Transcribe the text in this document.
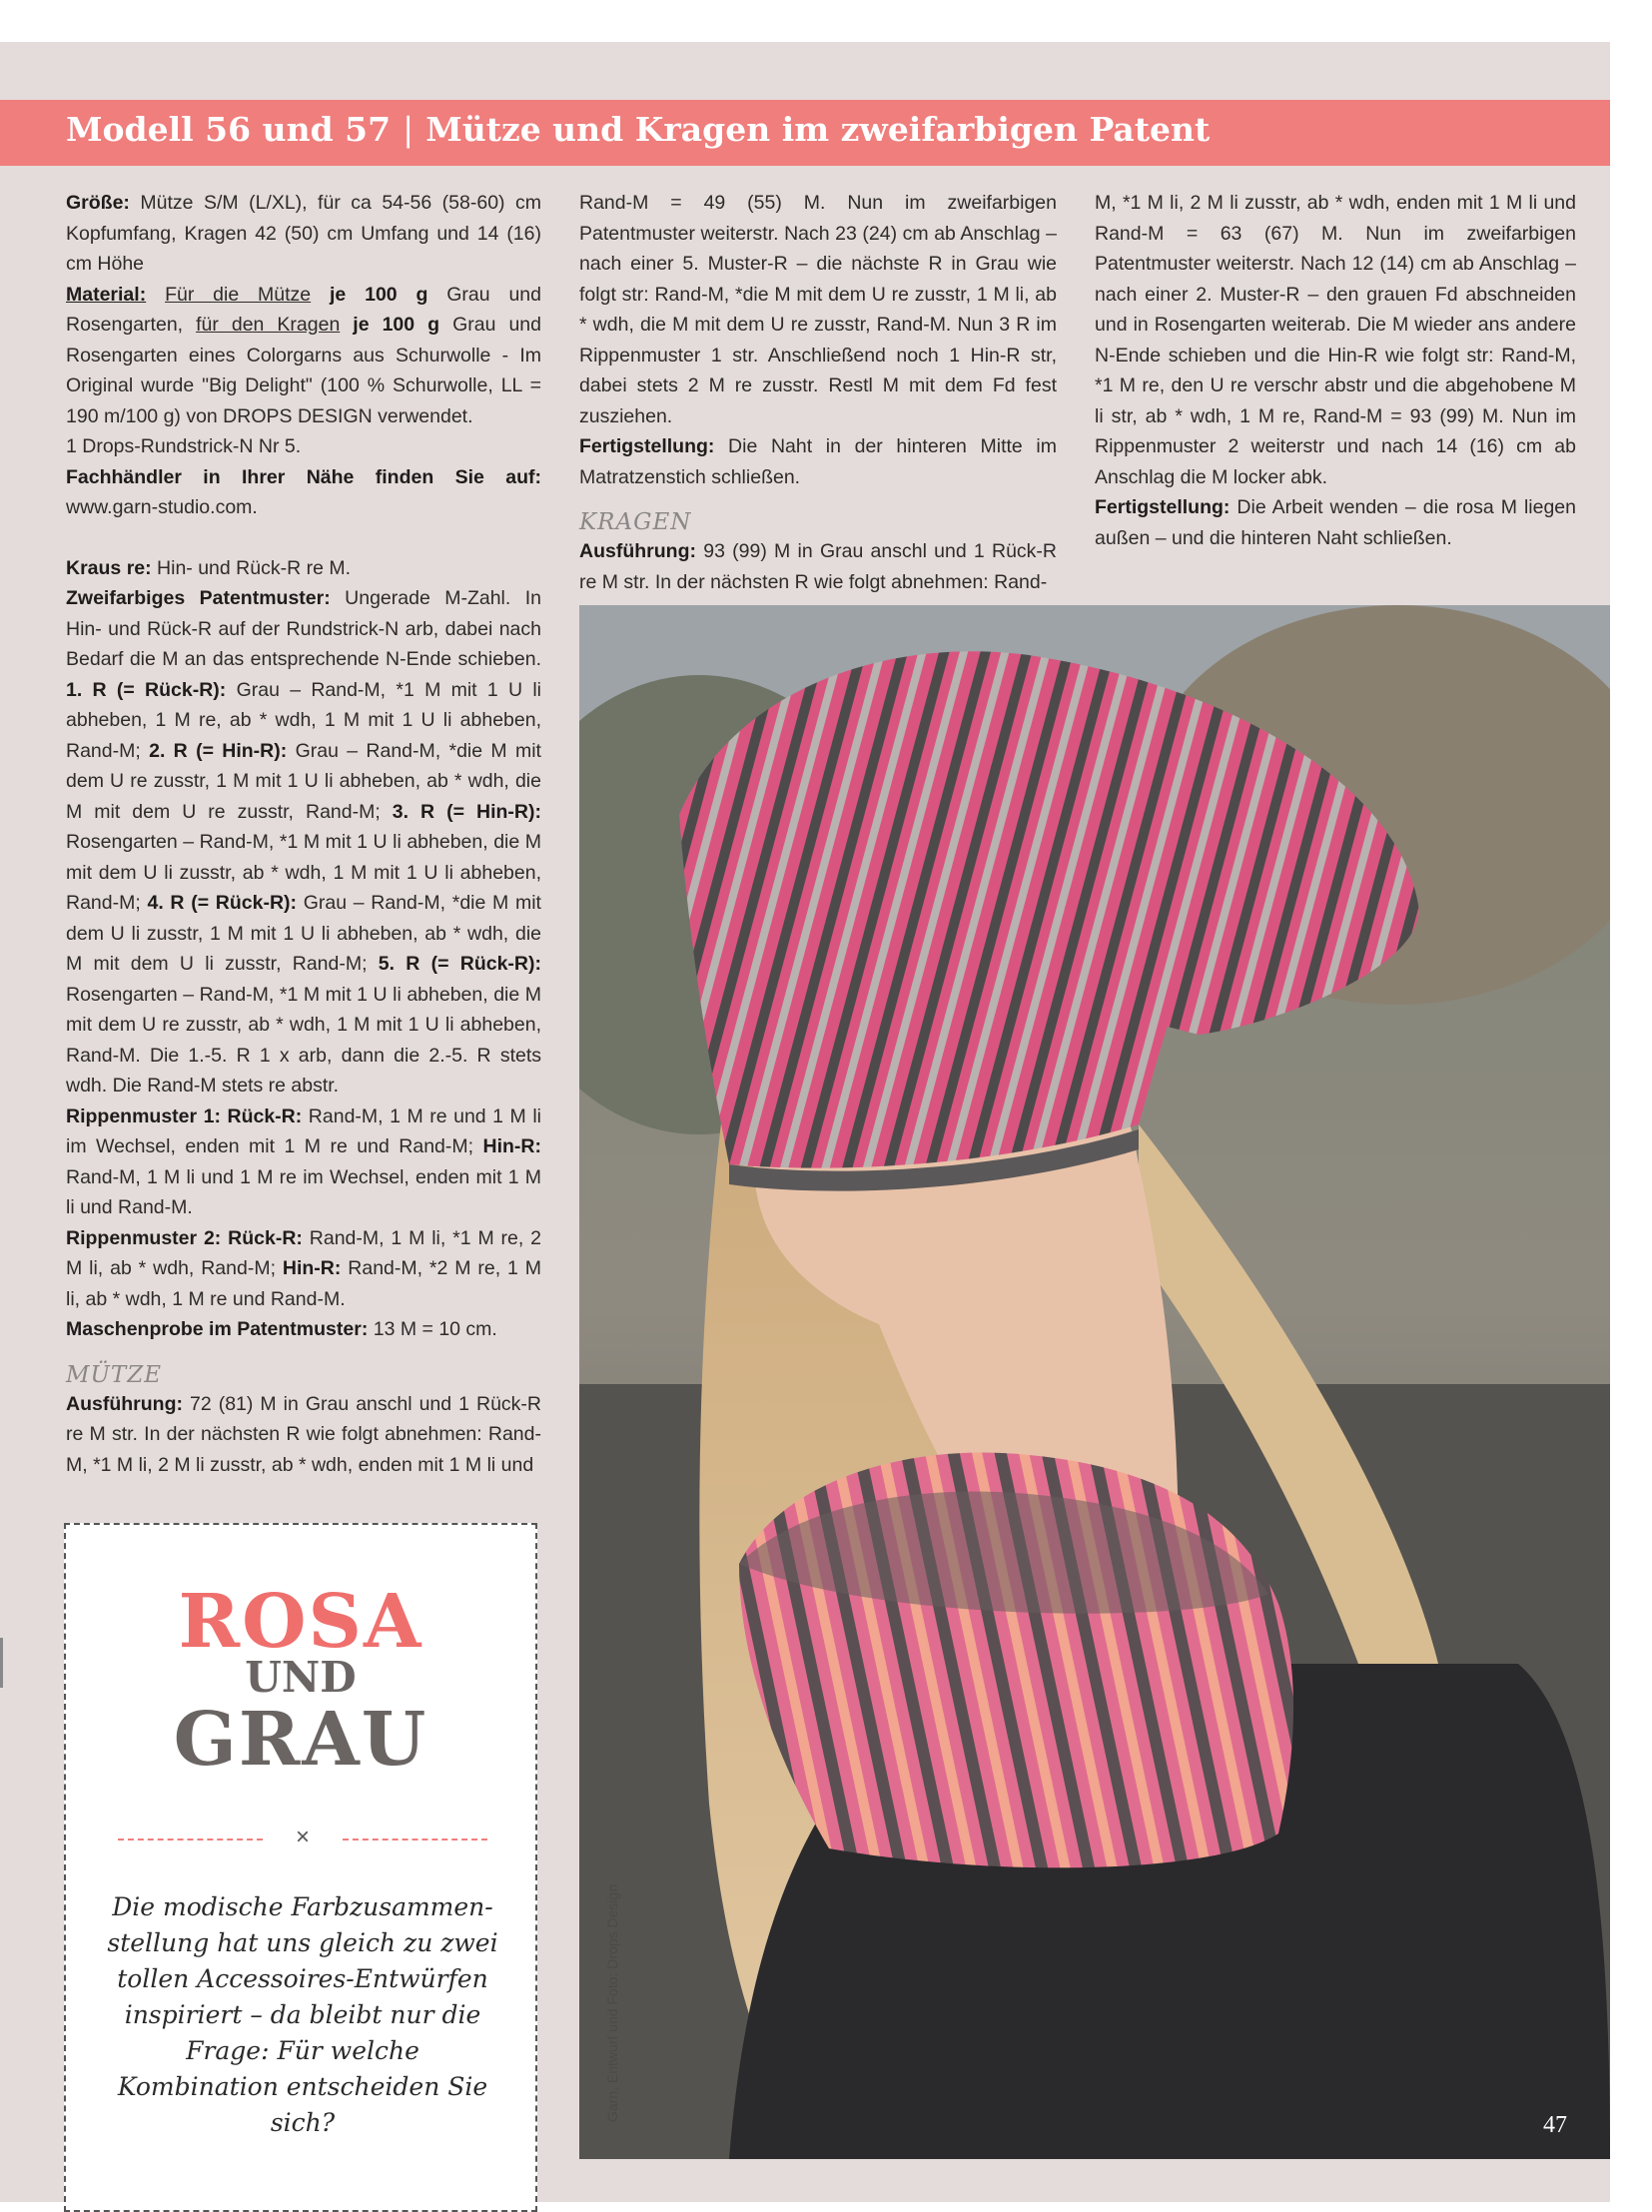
Modell 56 und 57 | Mütze und Kragen im zweifarbigen Patent

Größe: Mütze S/M (L/XL), für ca 54-56 (58-60) cm Kopfumfang, Kragen 42 (50) cm Umfang und 14 (16) cm Höhe

Material: Für die Mütze je 100 g Grau und Rosengarten, für den Kragen je 100 g Grau und Rosengarten eines Colorgarns aus Schurwolle - Im Original wurde "Big Delight" (100 % Schurwolle, LL = 190 m/100 g) von DROPS DESIGN verwendet.

1 Drops-Rundstrick-N Nr 5.

Fachhändler in Ihrer Nähe finden Sie auf: www.garn-studio.com.

Kraus re: Hin- und Rück-R re M.

Zweifarbiges Patentmuster: Ungerade M-Zahl. In Hin- und Rück-R auf der Rundstrick-N arb, dabei nach Bedarf die M an das entsprechende N-Ende schieben. 1. R (= Rück-R): Grau – Rand-M, *1 M mit 1 U li abheben, 1 M re, ab * wdh, 1 M mit 1 U li abheben, Rand-M; 2. R (= Hin-R): Grau – Rand-M, *die M mit dem U re zusstr, 1 M mit 1 U li abheben, ab * wdh, die M mit dem U re zusstr, Rand-M; 3. R (= Hin-R): Rosengarten – Rand-M, *1 M mit 1 U li abheben, die M mit dem U li zusstr, ab * wdh, 1 M mit 1 U li abheben, Rand-M; 4. R (= Rück-R): Grau – Rand-M, *die M mit dem U li zusstr, 1 M mit 1 U li abheben, ab * wdh, die M mit dem U li zusstr, Rand-M; 5. R (= Rück-R): Rosengarten – Rand-M, *1 M mit 1 U li abheben, die M mit dem U re zusstr, ab * wdh, 1 M mit 1 U li abheben, Rand-M. Die 1.-5. R 1 x arb, dann die 2.-5. R stets wdh. Die Rand-M stets re abstr.

Rippenmuster 1: Rück-R: Rand-M, 1 M re und 1 M li im Wechsel, enden mit 1 M re und Rand-M; Hin-R: Rand-M, 1 M li und 1 M re im Wechsel, enden mit 1 M li und Rand-M.

Rippenmuster 2: Rück-R: Rand-M, 1 M li, *1 M re, 2 M li, ab * wdh, Rand-M; Hin-R: Rand-M, *2 M re, 1 M li, ab * wdh, 1 M re und Rand-M.

Maschenprobe im Patentmuster: 13 M = 10 cm.

MÜTZE

Ausführung: 72 (81) M in Grau anschl und 1 Rück-R re M str. In der nächsten R wie folgt abnehmen: Rand-M, *1 M li, 2 M li zusstr, ab * wdh, enden mit 1 M li und

Rand-M = 49 (55) M. Nun im zweifarbigen Patentmuster weiterstr. Nach 23 (24) cm ab Anschlag – nach einer 5. Muster-R – die nächste R in Grau wie folgt str: Rand-M, *die M mit dem U re zusstr, 1 M li, ab * wdh, die M mit dem U re zusstr, Rand-M. Nun 3 R im Rippenmuster 1 str. Anschließend noch 1 Hin-R str, dabei stets 2 M re zusstr. Restl M mit dem Fd fest zusziehen.

Fertigstellung: Die Naht in der hinteren Mitte im Matratzenstich schließen.

KRAGEN

Ausführung: 93 (99) M in Grau anschl und 1 Rück-R re M str. In der nächsten R wie folgt abnehmen: Rand-

M, *1 M li, 2 M li zusstr, ab * wdh, enden mit 1 M li und Rand-M = 63 (67) M. Nun im zweifarbigen Patentmuster weiterstr. Nach 12 (14) cm ab Anschlag – nach einer 2. Muster-R – den grauen Fd abschneiden und in Rosengarten weiterab. Die M wieder ans andere N-Ende schieben und die Hin-R wie folgt str: Rand-M, *1 M re, den U re verschr abstr und die abgehobene M li str, ab * wdh, 1 M re, Rand-M = 93 (99) M. Nun im Rippenmuster 2 weiterstr und nach 14 (16) cm ab Anschlag die M locker abk.

Fertigstellung: Die Arbeit wenden – die rosa M liegen außen – und die hinteren Naht schließen.

Garn, Entwurf und Foto: Drops Design
47
ROSA
UND
GRAU
×
Die modische Farbzusammen-stellung hat uns gleich zu zwei tollen Accessoires-Entwürfen inspiriert – da bleibt nur die Frage: Für welche Kombination entscheiden Sie sich?
